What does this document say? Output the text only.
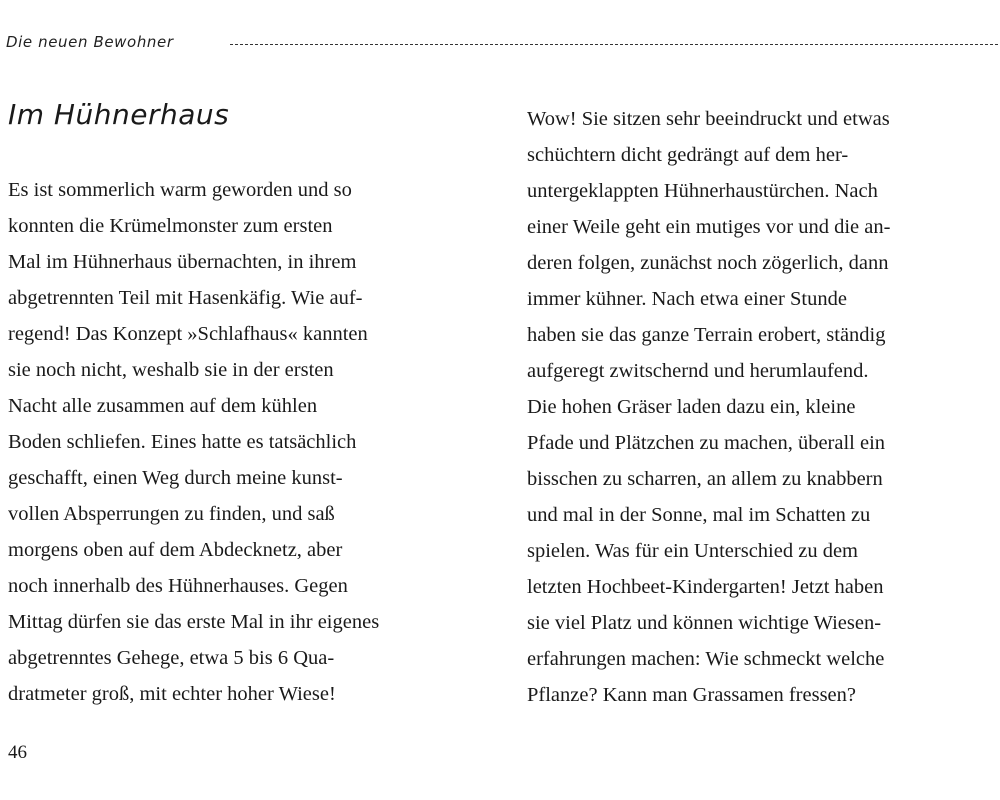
Die neuen Bewohner
Im Hühnerhaus
Es ist sommerlich warm geworden und so
konnten die Krümelmonster zum ersten
Mal im Hühnerhaus übernachten, in ihrem
abgetrennten Teil mit Hasenkäfig. Wie auf-
regend! Das Konzept »Schlafhaus« kannten
sie noch nicht, weshalb sie in der ersten
Nacht alle zusammen auf dem kühlen
Boden schliefen. Eines hatte es tatsächlich
geschafft, einen Weg durch meine kunst-
vollen Absperrungen zu finden, und saß
morgens oben auf dem Abdecknetz, aber
noch innerhalb des Hühnerhauses. Gegen
Mittag dürfen sie das erste Mal in ihr eigenes
abgetrenntes Gehege, etwa 5 bis 6 Qua-
dratmeter groß, mit echter hoher Wiese!
Wow! Sie sitzen sehr beeindruckt und etwas
schüchtern dicht gedrängt auf dem her-
untergeklappten Hühnerhaustürchen. Nach
einer Weile geht ein mutiges vor und die an-
deren folgen, zunächst noch zögerlich, dann
immer kühner. Nach etwa einer Stunde
haben sie das ganze Terrain erobert, ständig
aufgeregt zwitschernd und herumlaufend.
Die hohen Gräser laden dazu ein, kleine
Pfade und Plätzchen zu machen, überall ein
bisschen zu scharren, an allem zu knabbern
und mal in der Sonne, mal im Schatten zu
spielen. Was für ein Unterschied zu dem
letzten Hochbeet-Kindergarten! Jetzt haben
sie viel Platz und können wichtige Wiesen-
erfahrungen machen: Wie schmeckt welche
Pflanze? Kann man Grassamen fressen?
46
